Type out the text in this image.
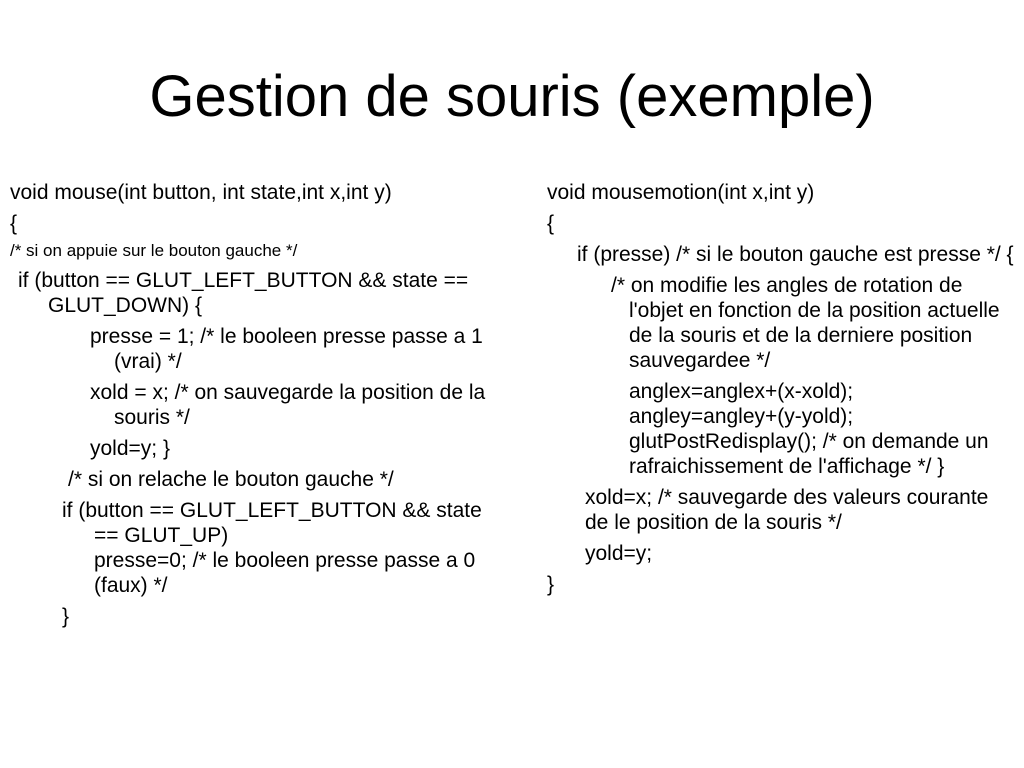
Gestion de souris (exemple)

void mouse(int button, int state,int x,int y)

{

/* si on appuie sur le bouton gauche */

if (button == GLUT_LEFT_BUTTON && state == GLUT_DOWN) {

presse = 1; /* le booleen presse passe a 1 (vrai) */

xold = x; /* on sauvegarde la position de la souris */

yold=y; }

/* si on relache le bouton gauche */

if (button == GLUT_LEFT_BUTTON && state == GLUT_UP)

presse=0; /* le booleen presse passe a 0 (faux) */

}

void mousemotion(int x,int y)

{

if (presse) /* si le bouton gauche est presse */ {

/* on modifie les angles de rotation de l'objet en fonction de la position actuelle de la souris et de la derniere position sauvegardee */

anglex=anglex+(x-xold);

angley=angley+(y-yold);

glutPostRedisplay(); /* on demande un rafraichissement de l'affichage */ }

xold=x; /* sauvegarde des valeurs courante de le position de la souris */

yold=y;

}
